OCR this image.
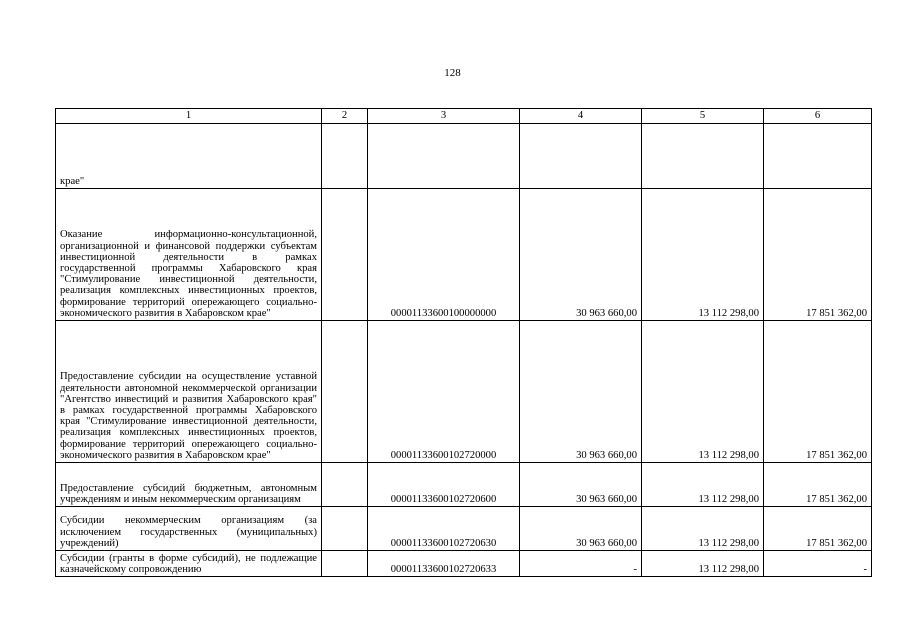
128
1	2	3	4	5	6
крае"					
Оказание информационно-консультационной, организационной и финансовой поддержки субъектам инвестиционной деятельности в рамках государственной программы Хабаровского края "Стимулирование инвестиционной деятельности, реализация комплексных инвестиционных проектов, формирование территорий опережающего социально-экономического развития в Хабаровском крае"		00001133600100000000	30 963 660,00	13 112 298,00	17 851 362,00
Предоставление субсидии на осуществление уставной деятельности автономной некоммерческой организации "Агентство инвестиций и развития Хабаровского края" в рамках государственной программы Хабаровского края "Стимулирование инвестиционной деятельности, реализация комплексных инвестиционных проектов, формирование территорий опережающего социально-экономического развития в Хабаровском крае"		00001133600102720000	30 963 660,00	13 112 298,00	17 851 362,00
Предоставление субсидий бюджетным, автономным учреждениям и иным некоммерческим организациям		00001133600102720600	30 963 660,00	13 112 298,00	17 851 362,00
Субсидии некоммерческим организациям (за исключением государственных (муниципальных) учреждений)		00001133600102720630	30 963 660,00	13 112 298,00	17 851 362,00
Субсидии (гранты в форме субсидий), не подлежащие казначейскому сопровождению		00001133600102720633	-	13 112 298,00	-
